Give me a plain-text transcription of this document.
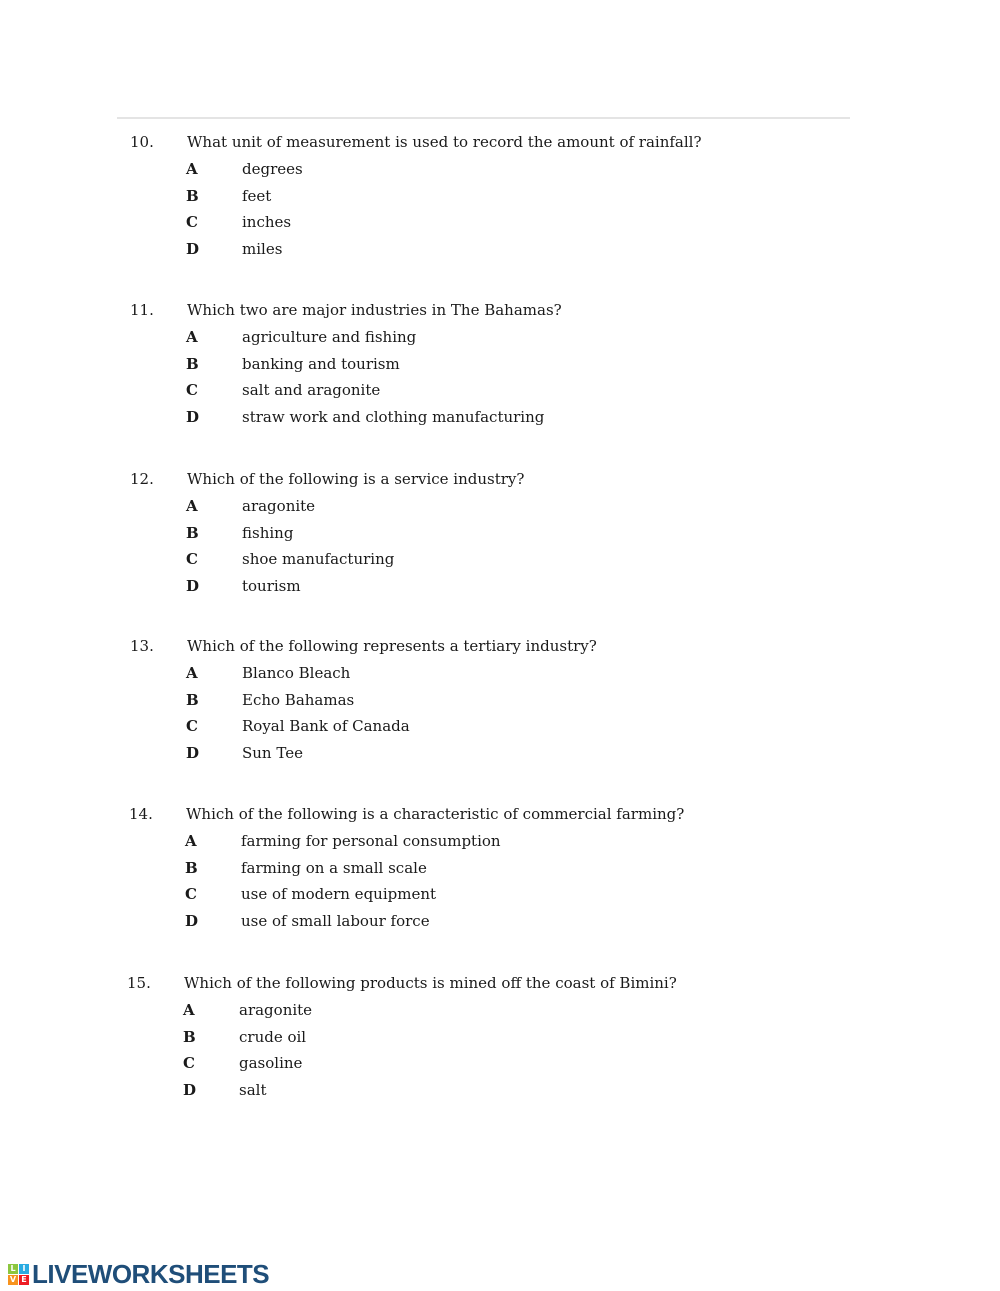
10. What unit of measurement is used to record the amount of rainfall?
A	degrees
B	feet
C	inches
D	miles
11. Which two are major industries in The Bahamas?
A	agriculture and fishing
B	banking and tourism
C	salt and aragonite
D	straw work and clothing manufacturing
12. Which of the following is a service industry?
A	aragonite
B	fishing
C	shoe manufacturing
D	tourism
13. Which of the following represents a tertiary industry?
A	Blanco Bleach
B	Echo Bahamas
C	Royal Bank of Canada
D	Sun Tee
14. Which of the following is a characteristic of commercial farming?
A	farming for personal consumption
B	farming on a small scale
C	use of modern equipment
D	use of small labour force
15. Which of the following products is mined off the coast of Bimini?
A	aragonite
B	crude oil
C	gasoline
D	salt
L I
V E LIVEWORKSHEETS
